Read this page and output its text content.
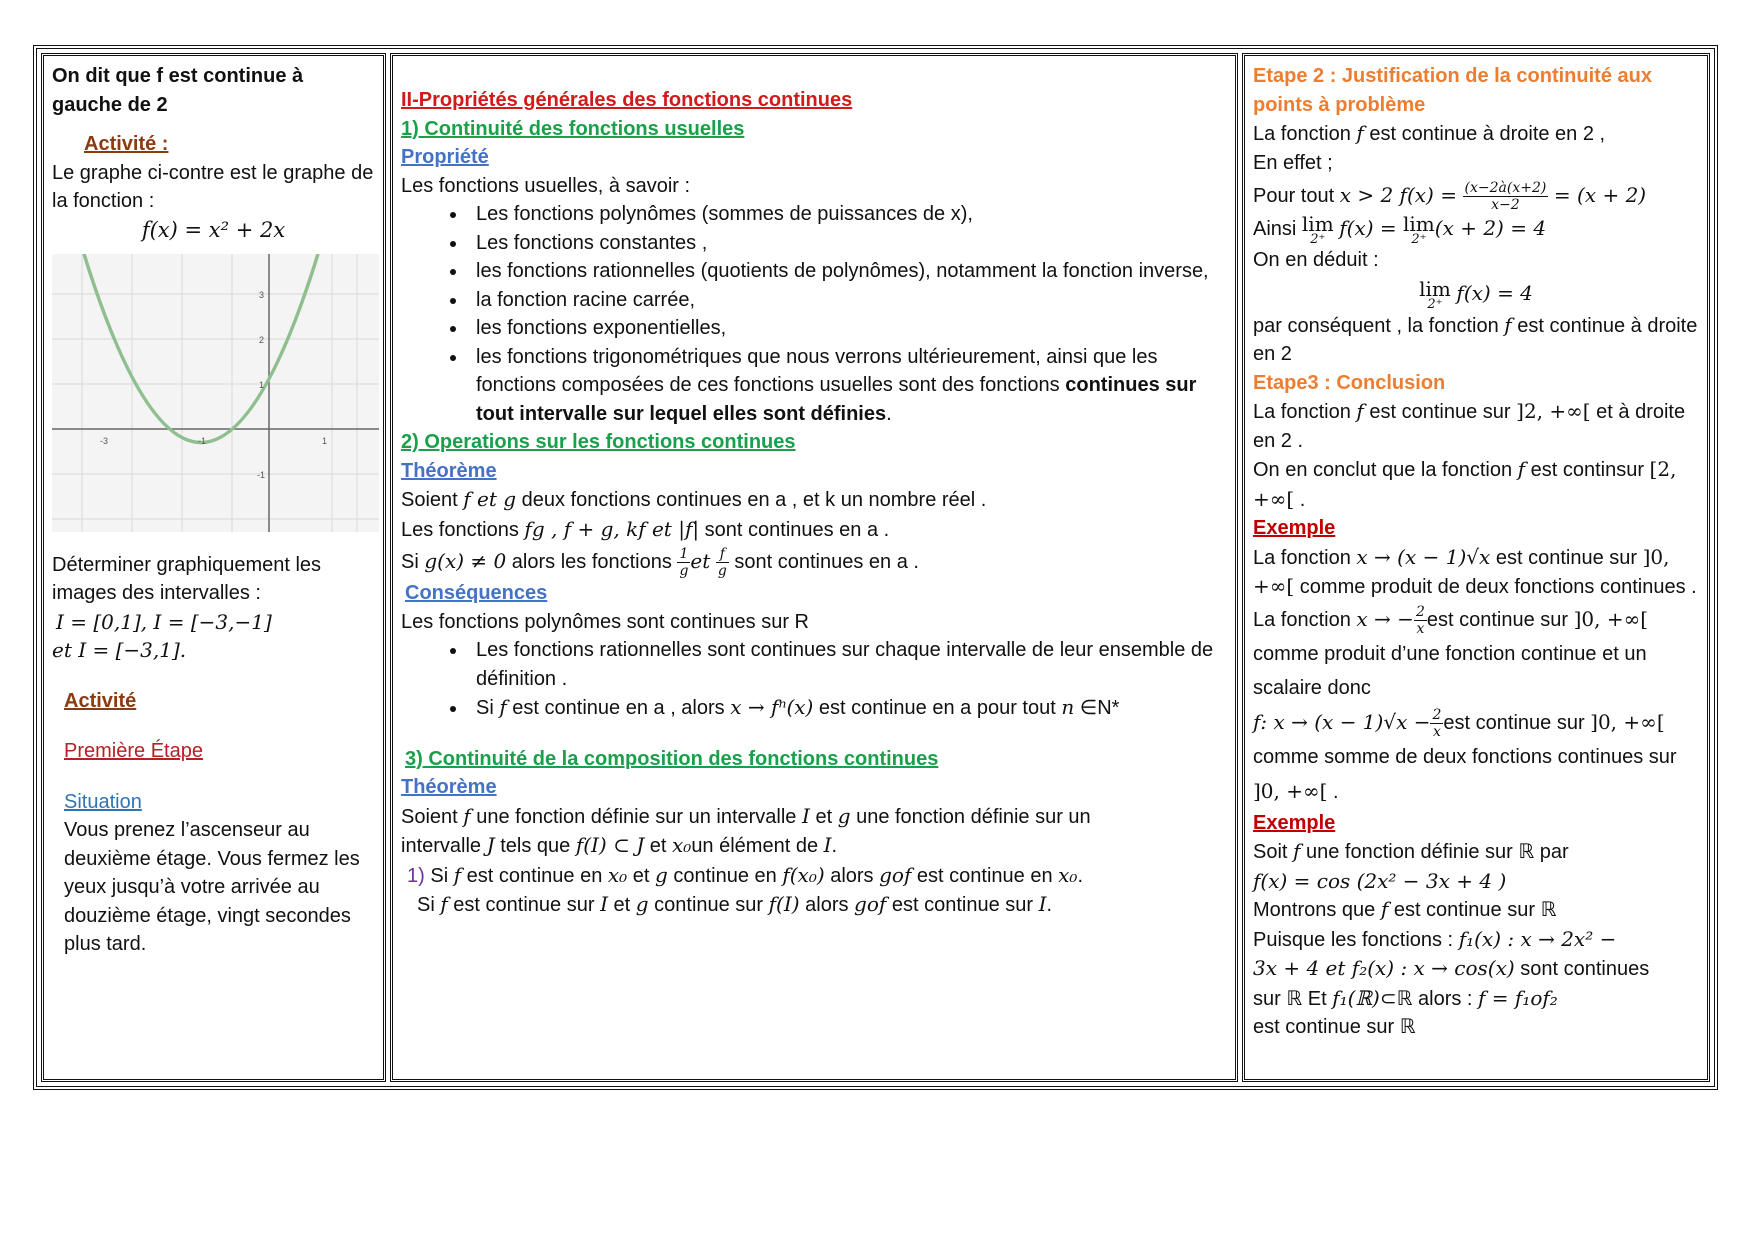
On dit que f est continue à gauche de 2

Activité :

Le graphe ci-contre est le graphe de la fonction :

f(x) = x² + 2x

-3	-1	1
3
2
1
-1

Déterminer graphiquement les images des intervalles :

I = [0,1], I = [−3,−1]

et I = [−3,1].

Activité

Première Étape

Situation

Vous prenez l’ascenseur au deuxième étage. Vous fermez les yeux jusqu’à votre arrivée au douzième étage, vingt secondes plus tard.

II-Propriétés générales des fonctions continues

1) Continuité des fonctions usuelles

Propriété

Les fonctions usuelles, à savoir :

• Les fonctions polynômes (sommes de puissances de x),
• Les fonctions constantes ,
• les fonctions rationnelles (quotients de polynômes), notamment la fonction inverse,
• la fonction racine carrée,
• les fonctions exponentielles,
• les fonctions trigonométriques que nous verrons ultérieurement, ainsi que les fonctions composées de ces fonctions usuelles sont des fonctions continues sur tout intervalle sur lequel elles sont définies.

2) Operations sur les fonctions continues

Théorème

Soient f et g deux fonctions continues en a , et k un nombre réel .

Les fonctions fg , f + g, kf et |f| sont continues en a .

Si g(x) ≠ 0 alors les fonctions $\frac{1}{g}$ et $\frac{f}{g}$ sont continues en a .

Conséquences

Les fonctions polynômes sont continues sur R

• Les fonctions rationnelles sont continues sur chaque intervalle de leur ensemble de définition .
• Si f est continue en a , alors x → fⁿ(x) est continue en a pour tout n ∈N*

3) Continuité de la composition des fonctions continues

Théorème

Soient f une fonction définie sur un intervalle I et g une fonction définie sur un

intervalle J tels que f(I) ⊂ J et x₀un élément de I.

1) Si f est continue en x₀ et g continue en f(x₀) alors gof est continue en x₀.

Si f est continue sur I et g continue sur f(I) alors gof est continue sur I.

Etape 2 : Justification de la continuité aux points à problème

La fonction f est continue à droite en 2 ,

En effet ;

Pour tout x > 2 $f(x) = \frac{(x-2à(x+2)}{x-2} = (x + 2)$

Ainsi lim
2⁺ f(x) = lim
2⁺ (x + 2) = 4

On en déduit :

lim
2⁺ f(x) = 4

par conséquent , la fonction f est continue à droite en 2

Etape3 : Conclusion

La fonction f est continue sur ]2, +∞[ et à droite en 2 .

On en conclut que la fonction f est continsur [2, +∞[ .

Exemple

La fonction x → (x − 1)√x est continue sur ]0, +∞[ comme produit de deux fonctions continues .

La fonction x → − $\frac{2}{x}$ est continue sur ]0, +∞[ comme produit d’une fonction continue et un scalaire donc

f: $x \to (x - 1)√x - \frac{2}{x}$ est continue sur ]0, +∞[ comme somme de deux fonctions continues sur ]0, +∞[ .

Exemple

Soit f une fonction définie sur ℝ par

f(x) = cos (2x² − 3x + 4 )

Montrons que f est continue sur ℝ

Puisque les fonctions : f₁(x) : x → 2x² −

3x + 4 et f₂(x) : x → cos(x) sont continues

sur ℝ Et f₁(ℝ)⊂ℝ alors : f = f₁of₂

est continue sur ℝ
